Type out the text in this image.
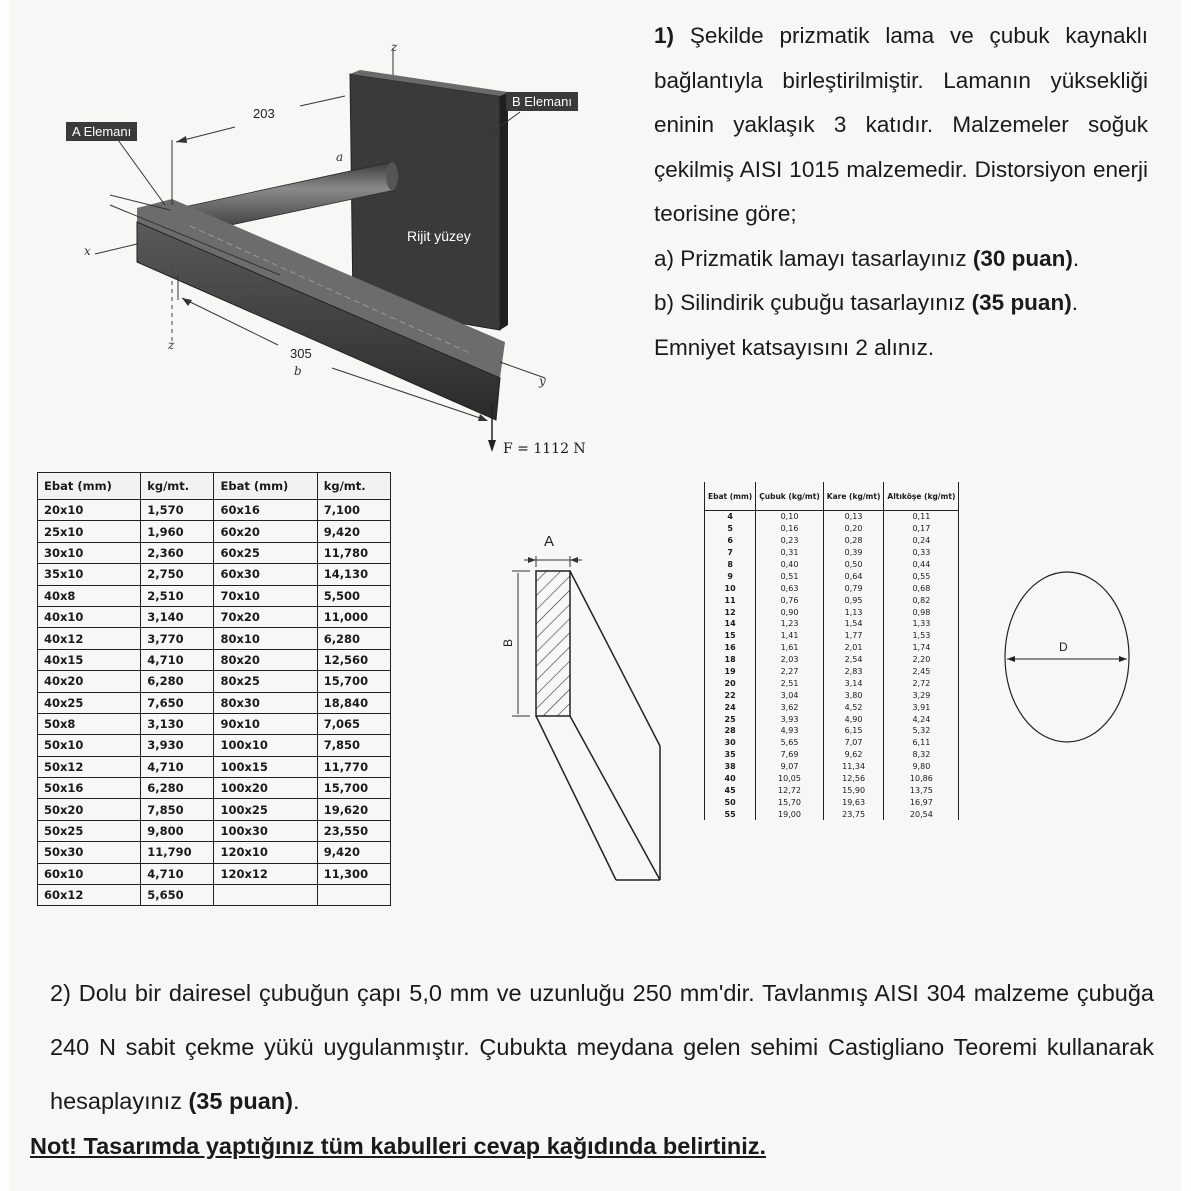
A Elemanı
B Elemanı
Rijit yüzey
203
305
x
y
z
z
a
b
F = 1112 N

1) Şekilde prizmatik lama ve çubuk kaynaklı bağlantıyla birleştirilmiştir. Lamanın yüksekliği eninin yaklaşık 3 katıdır. Malzemeler soğuk çekilmiş AISI 1015 malzemedir. Distorsiyon enerji teorisine göre;

a) Prizmatik lamayı tasarlayınız (30 puan).

b) Silindirik çubuğu tasarlayınız (35 puan).

Emniyet katsayısını 2 alınız.

Ebat (mm)	kg/mt.	Ebat (mm)	kg/mt.
20x10	1,570	60x16	7,100
25x10	1,960	60x20	9,420
30x10	2,360	60x25	11,780
35x10	2,750	60x30	14,130
40x8	2,510	70x10	5,500
40x10	3,140	70x20	11,000
40x12	3,770	80x10	6,280
40x15	4,710	80x20	12,560
40x20	6,280	80x25	15,700
40x25	7,650	80x30	18,840
50x8	3,130	90x10	7,065
50x10	3,930	100x10	7,850
50x12	4,710	100x15	11,770
50x16	6,280	100x20	15,700
50x20	7,850	100x25	19,620
50x25	9,800	100x30	23,550
50x30	11,790	120x10	9,420
60x10	4,710	120x12	11,300
60x12	5,650		
A
B
Ebat (mm)	Çubuk (kg/mt)	Kare (kg/mt)	Altıköşe (kg/mt)
4	0,10	0,13	0,11
5	0,16	0,20	0,17
6	0,23	0,28	0,24
7	0,31	0,39	0,33
8	0,40	0,50	0,44
9	0,51	0,64	0,55
10	0,63	0,79	0,68
11	0,76	0,95	0,82
12	0,90	1,13	0,98
14	1,23	1,54	1,33
15	1,41	1,77	1,53
16	1,61	2,01	1,74
18	2,03	2,54	2,20
19	2,27	2,83	2,45
20	2,51	3,14	2,72
22	3,04	3,80	3,29
24	3,62	4,52	3,91
25	3,93	4,90	4,24
28	4,93	6,15	5,32
30	5,65	7,07	6,11
35	7,69	9,62	8,32
38	9,07	11,34	9,80
40	10,05	12,56	10,86
45	12,72	15,90	13,75
50	15,70	19,63	16,97
55	19,00	23,75	20,54
D

2) Dolu bir dairesel çubuğun çapı 5,0 mm ve uzunluğu 250 mm'dir. Tavlanmış AISI 304 malzeme çubuğa 240 N sabit çekme yükü uygulanmıştır. Çubukta meydana gelen sehimi Castigliano Teoremi kullanarak hesaplayınız (35 puan).

Not! Tasarımda yaptığınız tüm kabulleri cevap kağıdında belirtiniz.
